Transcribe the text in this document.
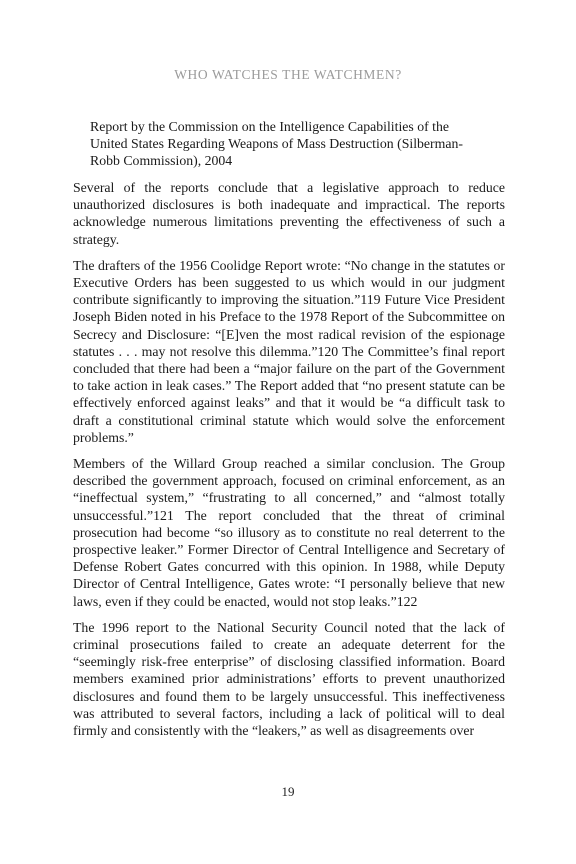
WHO WATCHES THE WATCHMEN?
Report by the Commission on the Intelligence Capabilities of the United States Regarding Weapons of Mass Destruction (Silberman-Robb Commission), 2004

Several of the reports conclude that a legislative approach to reduce unauthorized disclosures is both inadequate and impractical. The reports acknowledge numerous limitations preventing the effectiveness of such a strategy.

The drafters of the 1956 Coolidge Report wrote: “No change in the statutes or Executive Orders has been suggested to us which would in our judgment contribute significantly to improving the situation.”119 Future Vice President Joseph Biden noted in his Preface to the 1978 Report of the Subcommittee on Secrecy and Disclosure: “[E]ven the most radical revision of the espionage statutes . . . may not resolve this dilemma.”120 The Committee’s final report concluded that there had been a “major failure on the part of the Government to take action in leak cases.” The Report added that “no present statute can be effectively enforced against leaks” and that it would be “a difficult task to draft a constitutional criminal statute which would solve the enforcement problems.”

Members of the Willard Group reached a similar conclusion. The Group described the government approach, focused on criminal enforcement, as an “ineffectual system,” “frustrating to all concerned,” and “almost totally unsuccessful.”121 The report concluded that the threat of criminal prosecution had become “so illusory as to constitute no real deterrent to the prospective leaker.” Former Director of Central Intelligence and Secretary of Defense Robert Gates concurred with this opinion. In 1988, while Deputy Director of Central Intelligence, Gates wrote: “I personally believe that new laws, even if they could be enacted, would not stop leaks.”122

The 1996 report to the National Security Council noted that the lack of criminal prosecutions failed to create an adequate deterrent for the “seemingly risk-free enterprise” of disclosing classified information. Board members examined prior administrations’ efforts to prevent unauthorized disclosures and found them to be largely unsuccessful. This ineffectiveness was attributed to several factors, including a lack of political will to deal firmly and consistently with the “leakers,” as well as disagreements over

19
